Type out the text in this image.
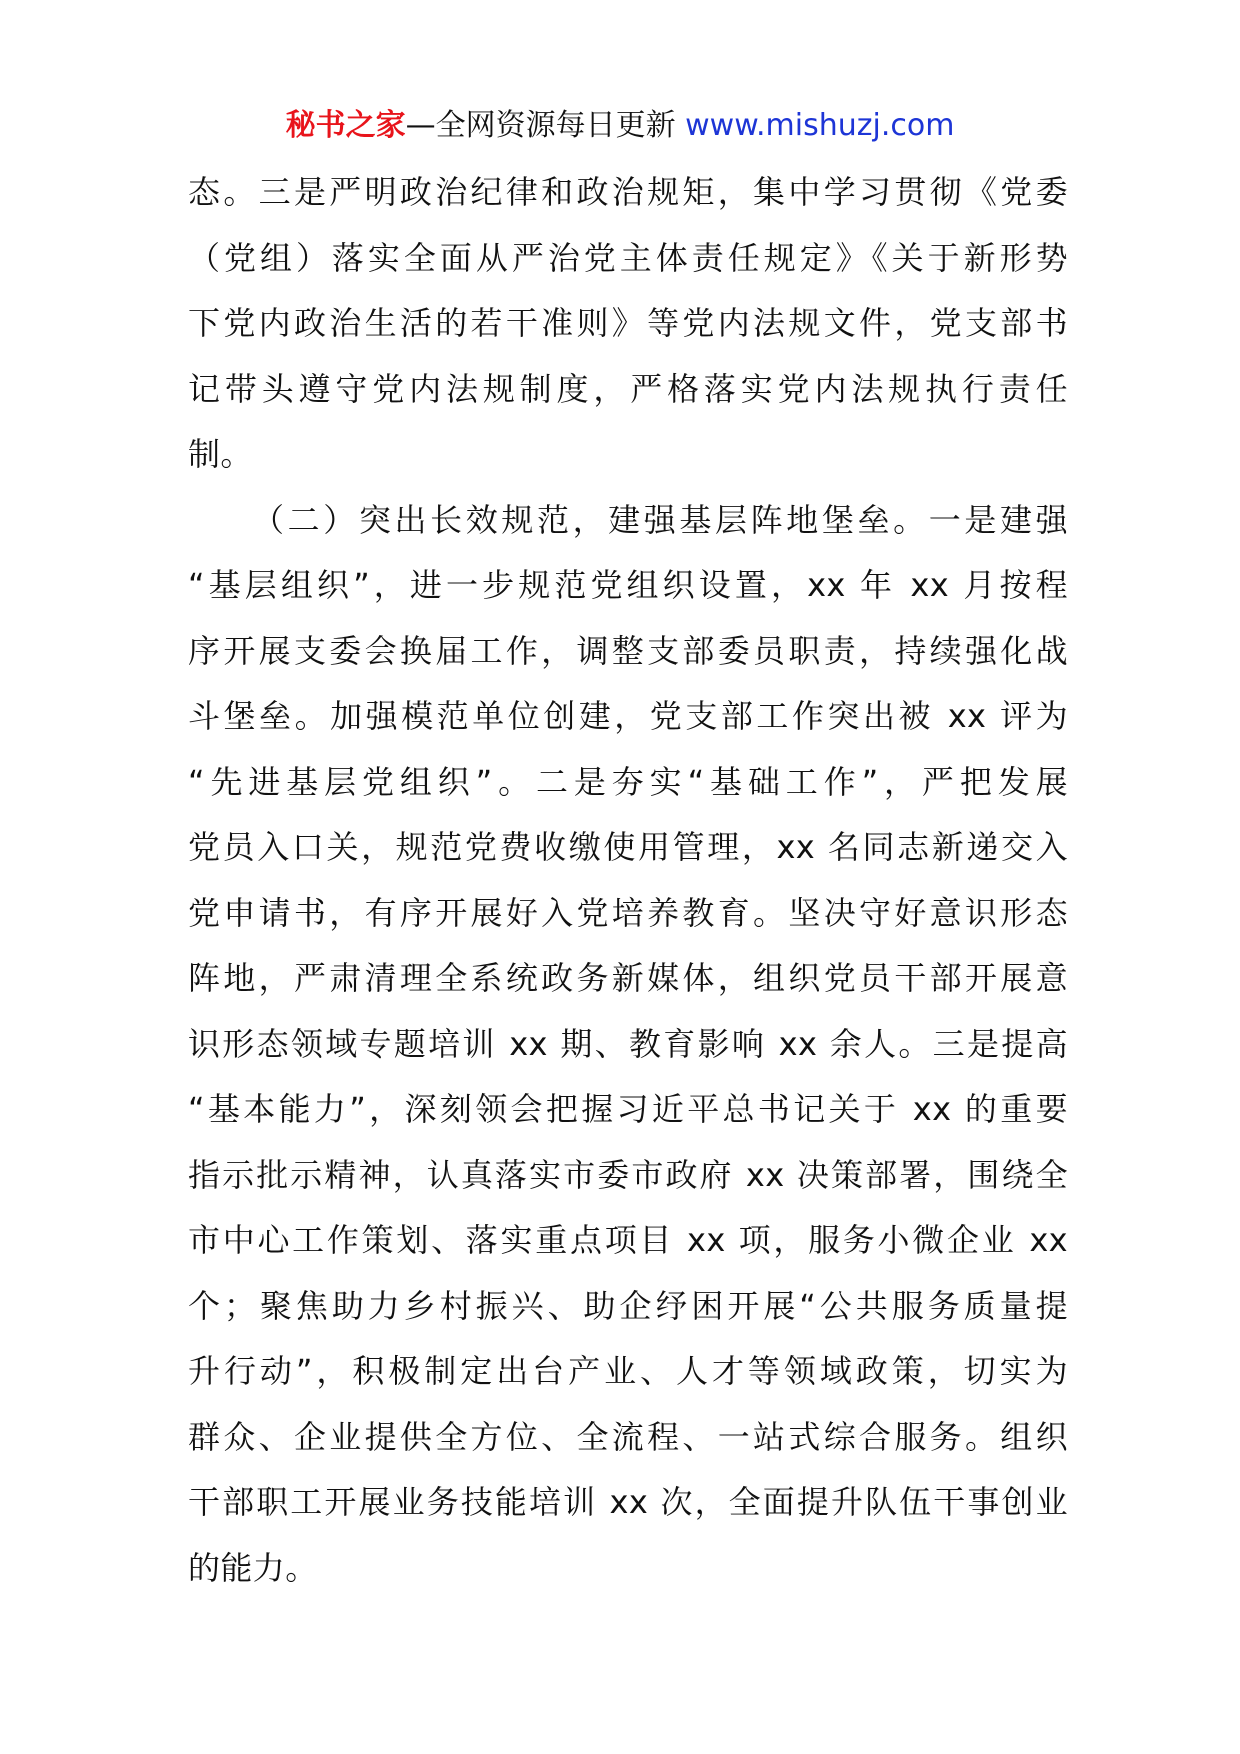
秘书之家—全网资源每日更新 www.mishuzj.com
态。三是严明政治纪律和政治规矩，集中学习贯彻《党委
（党组）落实全面从严治党主体责任规定》《关于新形势
下党内政治生活的若干准则》等党内法规文件，党支部书
记带头遵守党内法规制度，严格落实党内法规执行责任
制。
（二）突出长效规范，建强基层阵地堡垒。一是建强
“基层组织”，进一步规范党组织设置，xx 年 xx 月按程
序开展支委会换届工作，调整支部委员职责，持续强化战
斗堡垒。加强模范单位创建，党支部工作突出被 xx 评为
“先进基层党组织”。二是夯实“基础工作”，严把发展
党员入口关，规范党费收缴使用管理，xx 名同志新递交入
党申请书，有序开展好入党培养教育。坚决守好意识形态
阵地，严肃清理全系统政务新媒体，组织党员干部开展意
识形态领域专题培训 xx 期、教育影响 xx 余人。三是提高
“基本能力”，深刻领会把握习近平总书记关于 xx 的重要
指示批示精神，认真落实市委市政府 xx 决策部署，围绕全
市中心工作策划、落实重点项目 xx 项，服务小微企业 xx
个；聚焦助力乡村振兴、助企纾困开展“公共服务质量提
升行动”，积极制定出台产业、人才等领域政策，切实为
群众、企业提供全方位、全流程、一站式综合服务。组织
干部职工开展业务技能培训 xx 次，全面提升队伍干事创业
的能力。
